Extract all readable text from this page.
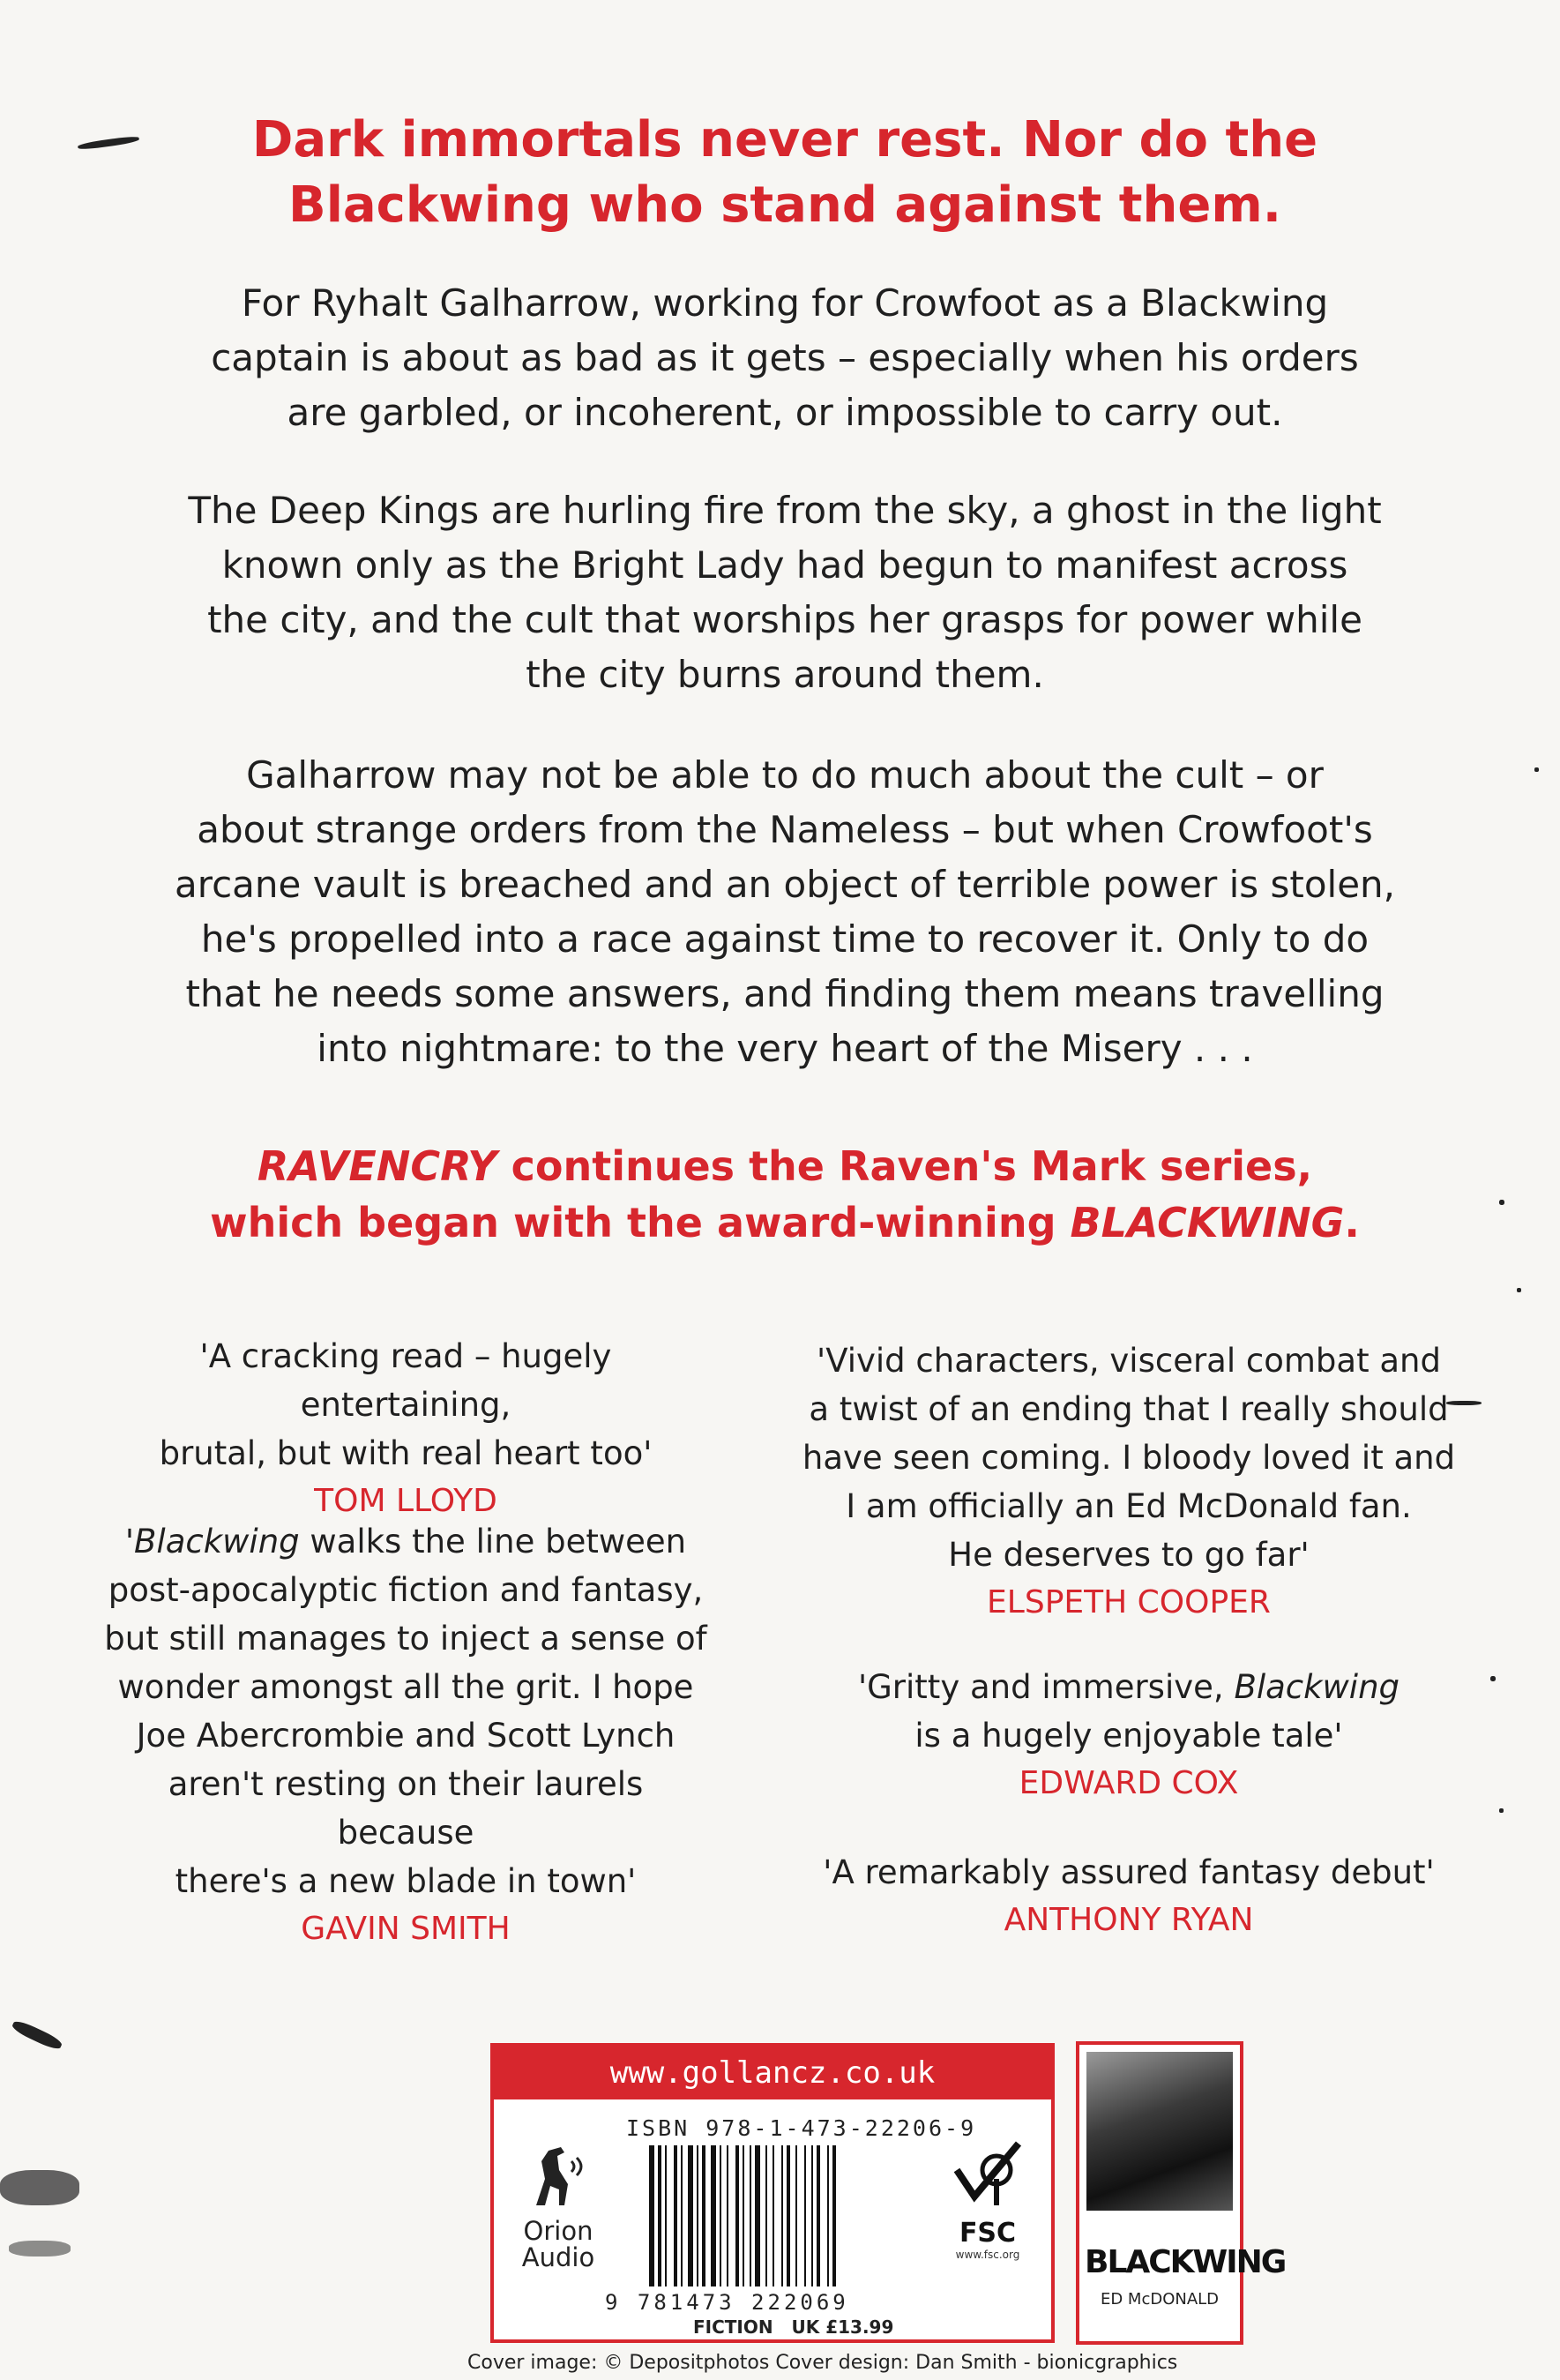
Dark immortals never rest. Nor do the
Blackwing who stand against them.
For Ryhalt Galharrow, working for Crowfoot as a Blackwing
captain is about as bad as it gets – especially when his orders
are garbled, or incoherent, or impossible to carry out.
The Deep Kings are hurling fire from the sky, a ghost in the light
known only as the Bright Lady had begun to manifest across
the city, and the cult that worships her grasps for power while
the city burns around them.
Galharrow may not be able to do much about the cult – or
about strange orders from the Nameless – but when Crowfoot's
arcane vault is breached and an object of terrible power is stolen,
he's propelled into a race against time to recover it. Only to do
that he needs some answers, and finding them means travelling
into nightmare: to the very heart of the Misery . . .
RAVENCRY continues the Raven's Mark series,
which began with the award-winning BLACKWING.
'A cracking read – hugely entertaining,
brutal, but with real heart too'
TOM LLOYD
'Blackwing walks the line between
post-apocalyptic fiction and fantasy,
but still manages to inject a sense of
wonder amongst all the grit. I hope
Joe Abercrombie and Scott Lynch
aren't resting on their laurels because
there's a new blade in town'
GAVIN SMITH
'Vivid characters, visceral combat and
a twist of an ending that I really should
have seen coming. I bloody loved it and
I am officially an Ed McDonald fan.
He deserves to go far'
ELSPETH COOPER
'Gritty and immersive, Blackwing
is a hugely enjoyable tale'
EDWARD COX
'A remarkably assured fantasy debut'
ANTHONY RYAN
www.gollancz.co.uk
Orion
Audio
ISBN 978-1-473-22206-9
9 781473 222069
FICTION UK £13.99
FSC
www.fsc.org	BLACKWING
ED McDONALD
Cover image: © Depositphotos Cover design: Dan Smith - bionicgraphics
